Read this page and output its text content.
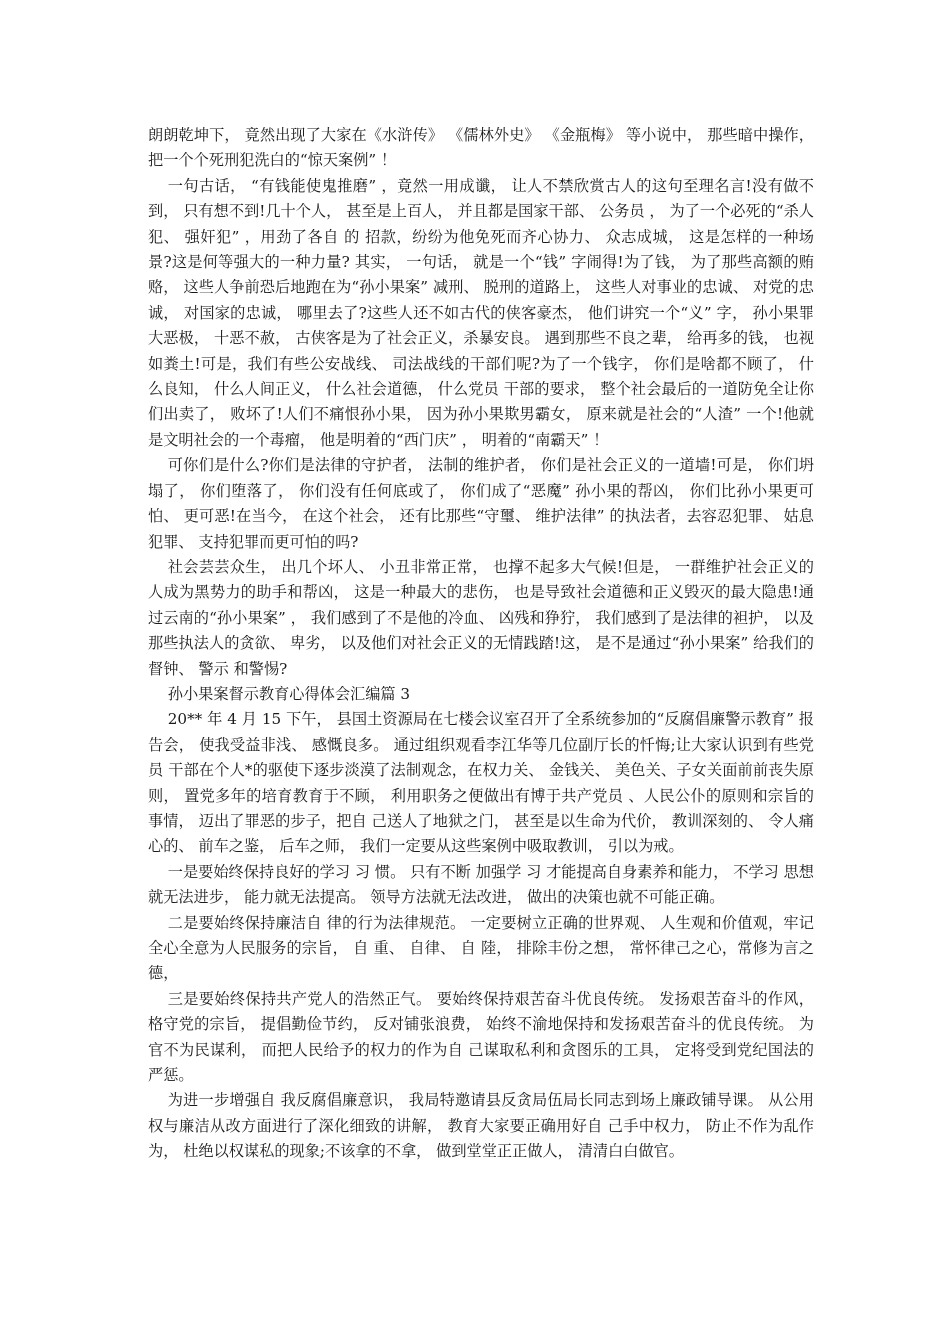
朗朗乾坤下， 竟然出现了大家在《水浒传》 《儒林外史》 《金瓶梅》 等小说中， 那些暗中操作， 把一个个死刑犯洗白的“惊天案例” ！

一句古话， “有钱能使鬼推磨” ，竟然一用成谶， 让人不禁欣赏古人的这句至理名言!没有做不到， 只有想不到!几十个人， 甚至是上百人， 并且都是国家干部、 公务员 ， 为了一个必死的“杀人犯、 强奸犯” ，用劲了各自 的 招款，纷纷为他免死而齐心协力、 众志成城， 这是怎样的一种场景?这是何等强大的一种力量? 其实， 一句话， 就是一个“钱” 字闹得!为了钱， 为了那些高额的贿赂， 这些人争前恐后地跑在为“孙小果案” 减刑、 脱刑的道路上， 这些人对事业的忠诚、 对党的忠诚， 对国家的忠诚， 哪里去了?这些人还不如古代的侠客豪杰， 他们讲究一个“义” 字， 孙小果罪大恶极， 十恶不赦， 古侠客是为了社会正义，杀暴安良。 遇到那些不良之辈， 给再多的钱， 也视如粪土!可是，我们有些公安战线、 司法战线的干部们呢?为了一个钱字， 你们是啥都不顾了， 什么良知， 什么人间正义， 什么社会道德， 什么党员 干部的要求， 整个社会最后的一道防免全让你们出卖了， 败坏了!人们不痛恨孙小果， 因为孙小果欺男霸女， 原来就是社会的“人渣” 一个!他就是文明社会的一个毒瘤， 他是明着的“西门庆” ， 明着的“南霸天” ！

可你们是什么?你们是法律的守护者， 法制的维护者， 你们是社会正义的一道墙!可是， 你们坍塌了， 你们堕落了， 你们没有任何底或了， 你们成了“恶魔” 孙小果的帮凶， 你们比孙小果更可怕、 更可恶!在当今， 在这个社会， 还有比那些“守璽、 维护法律” 的执法者，去容忍犯罪、 姑息犯罪、 支持犯罪而更可怕的吗?

社会芸芸众生， 出几个坏人、 小丑非常正常， 也撑不起多大气候!但是， 一群维护社会正义的人成为黑势力的助手和帮凶， 这是一种最大的悲伤， 也是导致社会道德和正义毁灭的最大隐患!通过云南的“孙小果案” ， 我们感到了不是他的冷血、 凶残和狰狞， 我们感到了是法律的袒护， 以及那些执法人的贪欲、 卑劣， 以及他们对社会正义的无情践踏!这， 是不是通过“孙小果案” 给我们的督钟、 警示 和警惕?

孙小果案督示教育心得体会汇编篇 3

20** 年 4 月 15 下午， 县国土资源局在七楼会议室召开了全系统参加的“反腐倡廉警示教育” 报告会， 使我受益非浅、 感慨良多。 通过组织观看李江华等几位副厅长的忏悔;让大家认识到有些党员 干部在个人*的驱使下逐步淡漠了法制观念，在权力关、 金钱关、 美色关、子女关面前前丧失原则， 置党多年的培育教育于不顾， 利用职务之便做出有博于共产党员 、人民公仆的原则和宗旨的事情， 迈出了罪恶的步子，把自 己送人了地狱之门， 甚至是以生命为代价， 教训深刻的、 令人痛心的、 前车之鉴， 后车之师， 我们一定要从这些案例中吸取教训， 引以为戒。

一是要始终保持良好的学习 习 惯。 只有不断 加强学 习 才能提高自身素养和能力， 不学习 思想就无法进步， 能力就无法提高。 领导方法就无法改进， 做出的决策也就不可能正确。

二是要始终保持廉洁自 律的行为法律规范。 一定要树立正确的世界观、 人生观和价值观，牢记全心全意为人民服务的宗旨， 自 重、 自律、 自 陸， 排除丰份之想， 常怀律己之心，常修为言之德，

三是要始终保持共产党人的浩然正气。 要始终保持艰苦奋斗优良传统。 发扬艰苦奋斗的作风， 格守党的宗旨， 提倡勤俭节约， 反对铺张浪费， 始终不渝地保持和发扬艰苦奋斗的优良传统。 为官不为民谋利， 而把人民给予的权力的作为自 己谋取私利和贪图乐的工具， 定将受到党纪国法的严惩。

为进一步增强自 我反腐倡廉意识， 我局特邀请县反贪局伍局长同志到场上廉政铺导课。 从公用权与廉洁从改方面进行了深化细致的讲解， 教育大家要正确用好自 己手中权力， 防止不作为乱作为， 杜绝以权谋私的现象;不该拿的不拿， 做到堂堂正正做人， 清清白白做官。
